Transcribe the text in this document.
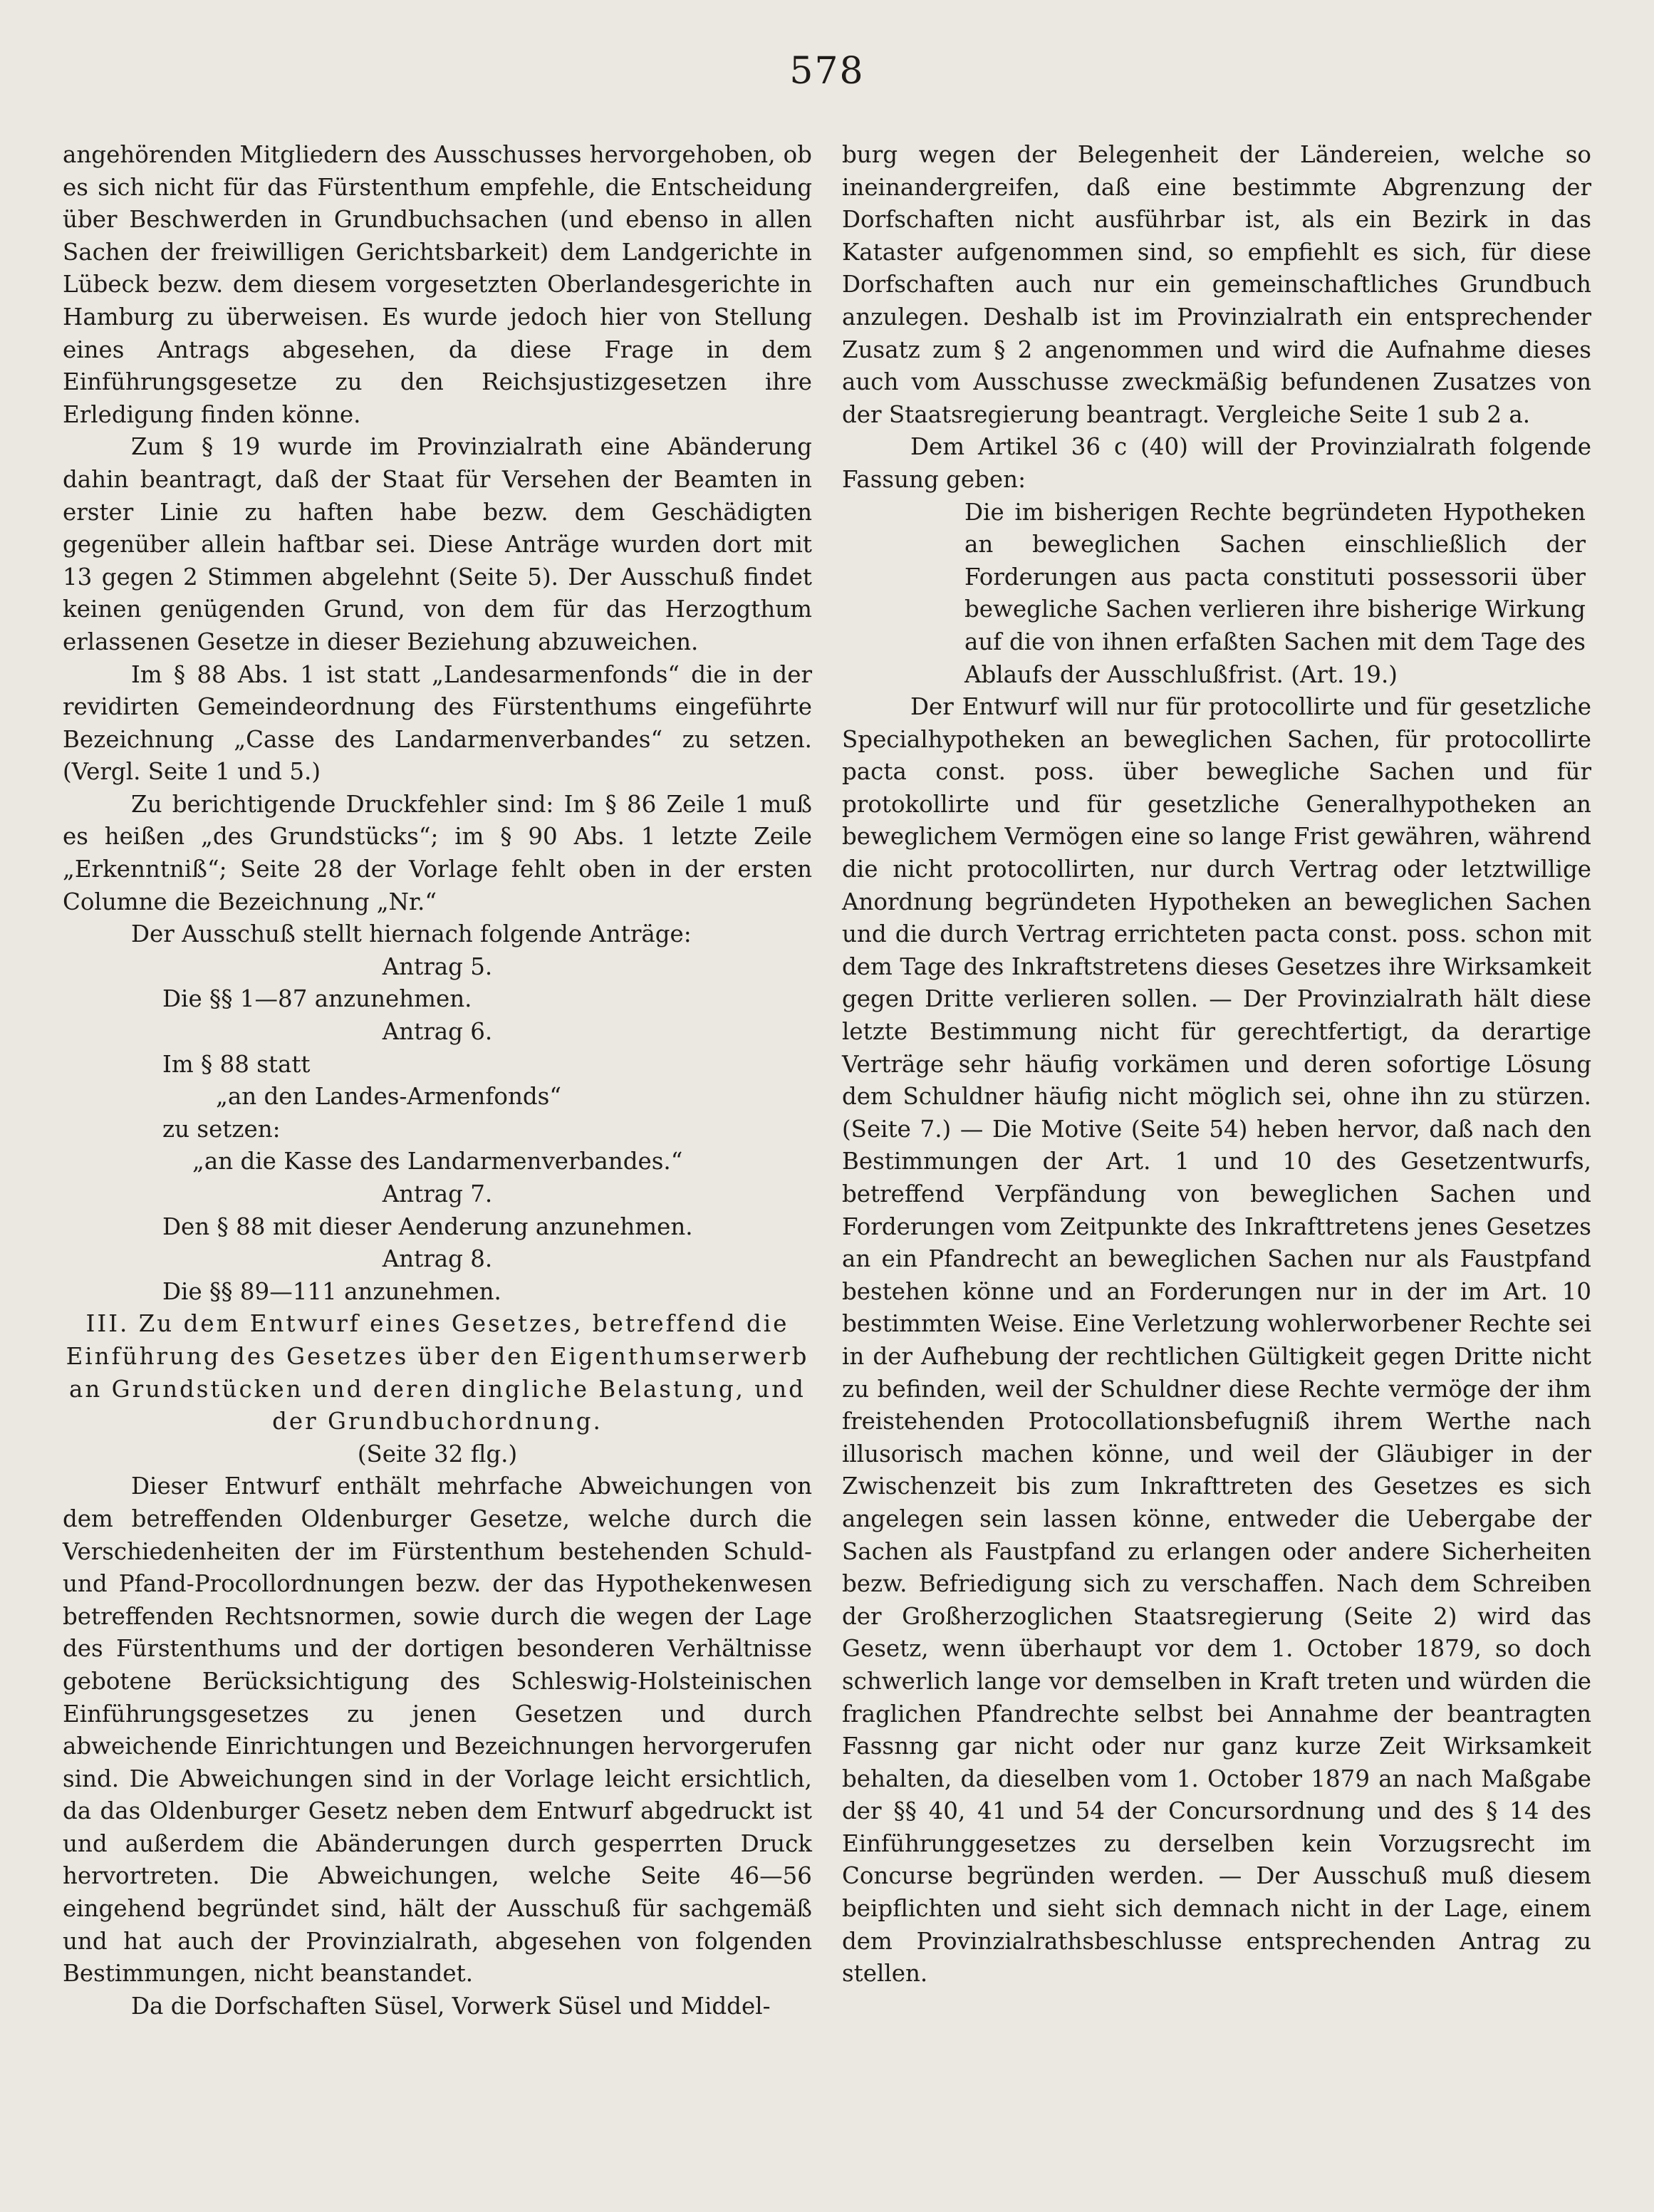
578

angehörenden Mitgliedern des Ausschusses hervorgehoben, ob es sich nicht für das Fürstenthum empfehle, die Entscheidung über Beschwerden in Grundbuchsachen (und ebenso in allen Sachen der freiwilligen Gerichtsbarkeit) dem Landgerichte in Lübeck bezw. dem diesem vorgesetzten Oberlandesgerichte in Hamburg zu überweisen. Es wurde jedoch hier von Stellung eines Antrags abgesehen, da diese Frage in dem Einführungsgesetze zu den Reichsjustizgesetzen ihre Erledigung finden könne.

Zum § 19 wurde im Provinzialrath eine Abänderung dahin beantragt, daß der Staat für Versehen der Beamten in erster Linie zu haften habe bezw. dem Geschädigten gegenüber allein haftbar sei. Diese Anträge wurden dort mit 13 gegen 2 Stimmen abgelehnt (Seite 5). Der Ausschuß findet keinen genügenden Grund, von dem für das Herzogthum erlassenen Gesetze in dieser Beziehung abzuweichen.

Im § 88 Abs. 1 ist statt „Landesarmenfonds“ die in der revidirten Gemeindeordnung des Fürstenthums eingeführte Bezeichnung „Casse des Landarmenverbandes“ zu setzen. (Vergl. Seite 1 und 5.)

Zu berichtigende Druckfehler sind: Im § 86 Zeile 1 muß es heißen „des Grundstücks“; im § 90 Abs. 1 letzte Zeile „Erkenntniß“; Seite 28 der Vorlage fehlt oben in der ersten Columne die Bezeichnung „Nr.“

Der Ausschuß stellt hiernach folgende Anträge:

Antrag 5.

Die §§ 1—87 anzunehmen.

Antrag 6.

Im § 88 statt

„an den Landes-Armenfonds“

zu setzen:

„an die Kasse des Landarmenverbandes.“

Antrag 7.

Den § 88 mit dieser Aenderung anzunehmen.

Antrag 8.

Die §§ 89—111 anzunehmen.

III. Zu dem Entwurf eines Gesetzes, betreffend die Einführung des Gesetzes über den Eigenthumserwerb an Grundstücken und deren dingliche Belastung, und der Grundbuchordnung.

(Seite 32 flg.)

Dieser Entwurf enthält mehrfache Abweichungen von dem betreffenden Oldenburger Gesetze, welche durch die Verschiedenheiten der im Fürstenthum bestehenden Schuld- und Pfand-Procollordnungen bezw. der das Hypothekenwesen betreffenden Rechtsnormen, sowie durch die wegen der Lage des Fürstenthums und der dortigen besonderen Verhältnisse gebotene Berücksichtigung des Schleswig-Holsteinischen Einführungsgesetzes zu jenen Gesetzen und durch abweichende Einrichtungen und Bezeichnungen hervorgerufen sind. Die Abweichungen sind in der Vorlage leicht ersichtlich, da das Oldenburger Gesetz neben dem Entwurf abgedruckt ist und außerdem die Abänderungen durch gesperrten Druck hervortreten. Die Abweichungen, welche Seite 46—56 eingehend begründet sind, hält der Ausschuß für sachgemäß und hat auch der Provinzialrath, abgesehen von folgenden Bestimmungen, nicht beanstandet.

Da die Dorfschaften Süsel, Vorwerk Süsel und Middel-

burg wegen der Belegenheit der Ländereien, welche so ineinandergreifen, daß eine bestimmte Abgrenzung der Dorfschaften nicht ausführbar ist, als ein Bezirk in das Kataster aufgenommen sind, so empfiehlt es sich, für diese Dorfschaften auch nur ein gemeinschaftliches Grundbuch anzulegen. Deshalb ist im Provinzialrath ein entsprechender Zusatz zum § 2 angenommen und wird die Aufnahme dieses auch vom Ausschusse zweckmäßig befundenen Zusatzes von der Staatsregierung beantragt. Vergleiche Seite 1 sub 2 a.

Dem Artikel 36 c (40) will der Provinzialrath folgende Fassung geben:

Die im bisherigen Rechte begründeten Hypotheken an beweglichen Sachen einschließlich der Forderungen aus pacta constituti possessorii über bewegliche Sachen verlieren ihre bisherige Wirkung auf die von ihnen erfaßten Sachen mit dem Tage des Ablaufs der Ausschlußfrist. (Art. 19.)

Der Entwurf will nur für protocollirte und für gesetzliche Specialhypotheken an beweglichen Sachen, für protocollirte pacta const. poss. über bewegliche Sachen und für protokollirte und für gesetzliche Generalhypotheken an beweglichem Vermögen eine so lange Frist gewähren, während die nicht protocollirten, nur durch Vertrag oder letztwillige Anordnung begründeten Hypotheken an beweglichen Sachen und die durch Vertrag errichteten pacta const. poss. schon mit dem Tage des Inkraftstretens dieses Gesetzes ihre Wirksamkeit gegen Dritte verlieren sollen. — Der Provinzialrath hält diese letzte Bestimmung nicht für gerechtfertigt, da derartige Verträge sehr häufig vorkämen und deren sofortige Lösung dem Schuldner häufig nicht möglich sei, ohne ihn zu stürzen. (Seite 7.) — Die Motive (Seite 54) heben hervor, daß nach den Bestimmungen der Art. 1 und 10 des Gesetzentwurfs, betreffend Verpfändung von beweglichen Sachen und Forderungen vom Zeitpunkte des Inkrafttretens jenes Gesetzes an ein Pfandrecht an beweglichen Sachen nur als Faustpfand bestehen könne und an Forderungen nur in der im Art. 10 bestimmten Weise. Eine Verletzung wohlerworbener Rechte sei in der Aufhebung der rechtlichen Gültigkeit gegen Dritte nicht zu befinden, weil der Schuldner diese Rechte vermöge der ihm freistehenden Protocollationsbefugniß ihrem Werthe nach illusorisch machen könne, und weil der Gläubiger in der Zwischenzeit bis zum Inkrafttreten des Gesetzes es sich angelegen sein lassen könne, entweder die Uebergabe der Sachen als Faustpfand zu erlangen oder andere Sicherheiten bezw. Befriedigung sich zu verschaffen. Nach dem Schreiben der Großherzoglichen Staatsregierung (Seite 2) wird das Gesetz, wenn überhaupt vor dem 1. October 1879, so doch schwerlich lange vor demselben in Kraft treten und würden die fraglichen Pfandrechte selbst bei Annahme der beantragten Fassnng gar nicht oder nur ganz kurze Zeit Wirksamkeit behalten, da dieselben vom 1. October 1879 an nach Maßgabe der §§ 40, 41 und 54 der Concursordnung und des § 14 des Einführunggesetzes zu derselben kein Vorzugsrecht im Concurse begründen werden. — Der Ausschuß muß diesem beipflichten und sieht sich demnach nicht in der Lage, einem dem Provinzialrathsbeschlusse entsprechenden Antrag zu stellen.
